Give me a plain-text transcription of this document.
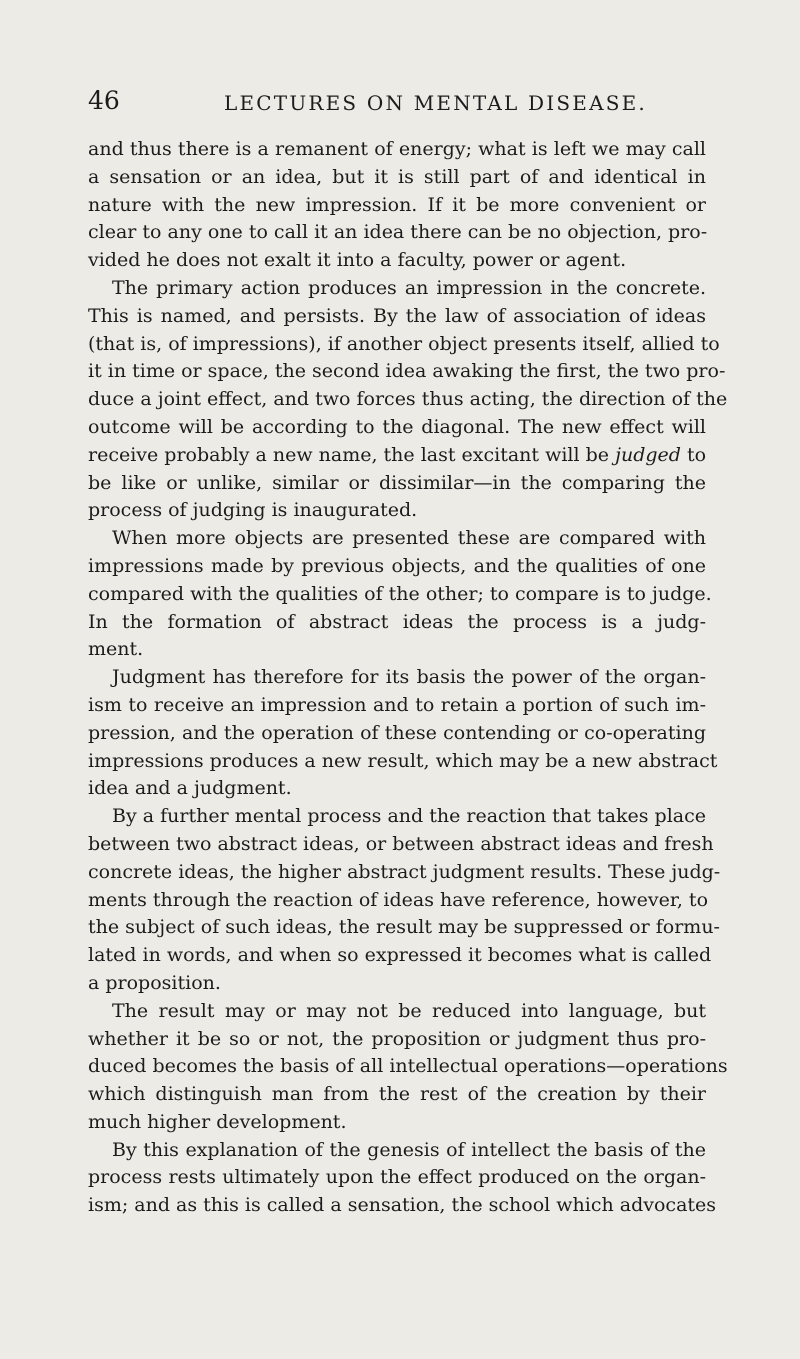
46	LECTURES ON MENTAL DISEASE.
and thus there is a remanent of energy; what is left we may call
a sensation or an idea, but it is still part of and identical in
nature with the new impression. If it be more convenient or
clear to any one to call it an idea there can be no objection, pro-
vided he does not exalt it into a faculty, power or agent.
The primary action produces an impression in the concrete.
This is named, and persists. By the law of association of ideas
(that is, of impressions), if another object presents itself, allied to
it in time or space, the second idea awaking the first, the two pro-
duce a joint effect, and two forces thus acting, the direction of the
outcome will be according to the diagonal. The new effect will
receive probably a new name, the last excitant will be judged to
be like or unlike, similar or dissimilar—in the comparing the
process of judging is inaugurated.
When more objects are presented these are compared with
impressions made by previous objects, and the qualities of one
compared with the qualities of the other; to compare is to judge.
In the formation of abstract ideas the process is a judg-
ment.
Judgment has therefore for its basis the power of the organ-
ism to receive an impression and to retain a portion of such im-
pression, and the operation of these contending or co-operating
impressions produces a new result, which may be a new abstract
idea and a judgment.
By a further mental process and the reaction that takes place
between two abstract ideas, or between abstract ideas and fresh
concrete ideas, the higher abstract judgment results. These judg-
ments through the reaction of ideas have reference, however, to
the subject of such ideas, the result may be suppressed or formu-
lated in words, and when so expressed it becomes what is called
a proposition.
The result may or may not be reduced into language, but
whether it be so or not, the proposition or judgment thus pro-
duced becomes the basis of all intellectual operations—operations
which distinguish man from the rest of the creation by their
much higher development.
By this explanation of the genesis of intellect the basis of the
process rests ultimately upon the effect produced on the organ-
ism; and as this is called a sensation, the school which advocates
